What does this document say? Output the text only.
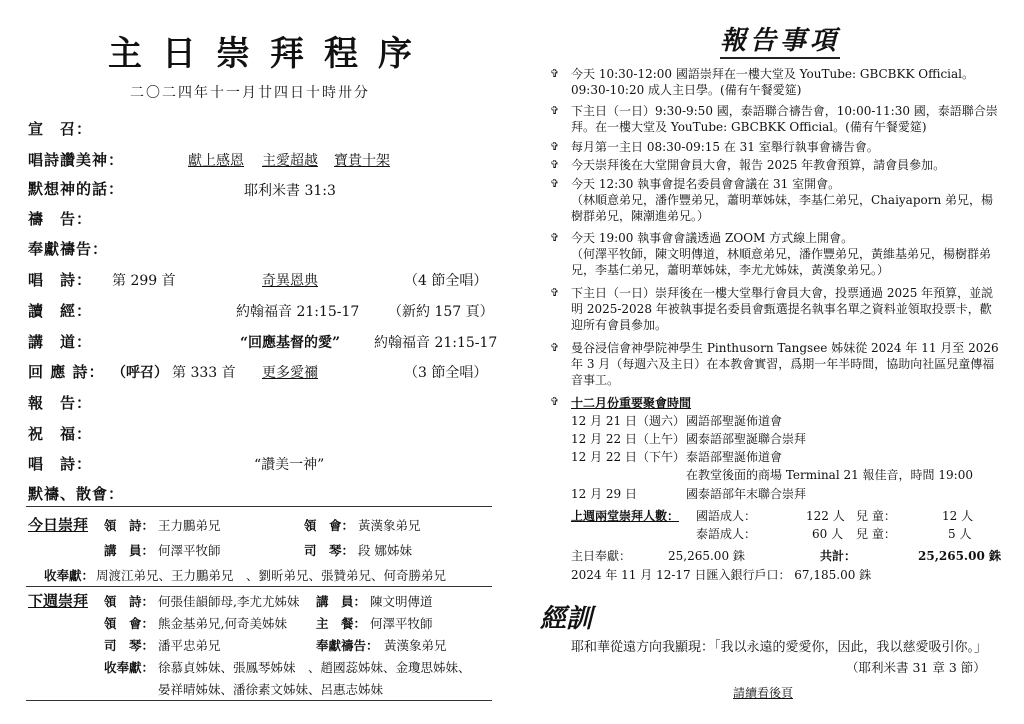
主日崇拜程序
二〇二四年十一月廿四日十時卅分
宣　召：
唱詩讚美神：	獻上感恩 主愛超越 寶貴十架
默想神的話：	耶利米書 31:3
禱　告：
奉獻禱告：
唱　詩： 第 299 首	奇異恩典	（4 節全唱）
讀　經：	約翰福音 21:15-17 （新約 157 頁）
講　道：	“回應基督的愛” 約翰福音 21:15-17
回 應 詩： （呼召） 第 333 首 更多愛禰	（3 節全唱）
報　告：
祝　福：
唱　詩：	“讚美一神”
默禱、散會：
今日崇拜 領　詩： 王力鵬弟兄	領　會： 黃漢象弟兄
講　員： 何澤平牧師	司　琴： 段 娜姊妹
收奉獻： 周渡江弟兄、王力鵬弟兄　、劉昕弟兄、張贊弟兄、何奇勝弟兄
下週崇拜 領　詩： 何張佳韻師母,李尤尤姊妹 講　員： 陳文明傳道
領　會： 熊金基弟兄,何奇美姊妹 主　餐： 何澤平牧師
司　琴： 潘平忠弟兄	奉獻禱告： 黃漢象弟兄
收奉獻： 徐慕貞姊妹、張鳳琴姊妹　、趙國蕊姊妹、金瓊思姊妹、
晏祥晴姊妹、潘徐素文姊妹、呂惠志姊妹
報告事項
✞ 今天 10:30-12:00 國語崇拜在一樓大堂及 YouTube: GBCBKK Official。
09:30-10:20 成人主日學。(備有午餐愛筵)
✞ 下主日（一日）9:30-9:50 國，泰語聯合禱告會，10:00-11:30 國，泰語聯合崇拜。在一樓大堂及 YouTube: GBCBKK Official。(備有午餐愛筵)
✞ 每月第一主日 08:30-09:15 在 31 室舉行執事會禱告會。
✞ 今天崇拜後在大堂開會員大會，報告 2025 年教會預算，請會員參加。
✞ 今天 12:30 執事會提名委員會會議在 31 室開會。
（林順意弟兄，潘作豐弟兄，蕭明華姊妹，李基仁弟兄，Chaiyaporn 弟兄，楊樹群弟兄，陳潮進弟兄。）
✞ 今天 19:00 執事會會議透過 ZOOM 方式線上開會。
（何澤平牧師，陳文明傳道，林順意弟兄，潘作豐弟兄，黃維基弟兄，楊樹群弟兄，李基仁弟兄，蕭明華姊妹，李尤尤姊妹，黃漢象弟兄。）
✞ 下主日（一日）崇拜後在一樓大堂舉行會員大會，投票通過 2025 年預算，並説明 2025-2028 年被執事提名委員會甄選提名執事名單之資料並領取投票卡，歡迎所有會員參加。
✞ 曼谷浸信會神學院神學生 Pinthusorn Tangsee 姊妹從 2024 年 11 月至 2026 年 3 月（每週六及主日）在本教會實習，爲期一年半時間，協助向社區兒童傳福音事工。
✞ 十二月份重要聚會時間
12 月 21 日（週六） 國語部聖誕佈道會
12 月 22 日（上午） 國泰語部聖誕聯合崇拜
12 月 22 日（下午） 泰語部聖誕佈道會
在教堂後面的商場 Terminal 21 報佳音，時間 19:00
12 月 29 日	國泰語部年末聯合崇拜
上週兩堂崇拜人數： 國語成人：	122 人 兒 童：	12 人
泰語成人：	60 人 兒 童：	5 人
主日奉獻：	25,265.00 銖	共計：	25,265.00 銖
2024 年 11 月 12-17 日匯入銀行戶口： 67,185.00 銖
經訓
耶和華從遠方向我顯現：「我以永遠的愛愛你，因此，我以慈愛吸引你。」
（耶利米書 31 章 3 節）
請續看後頁
